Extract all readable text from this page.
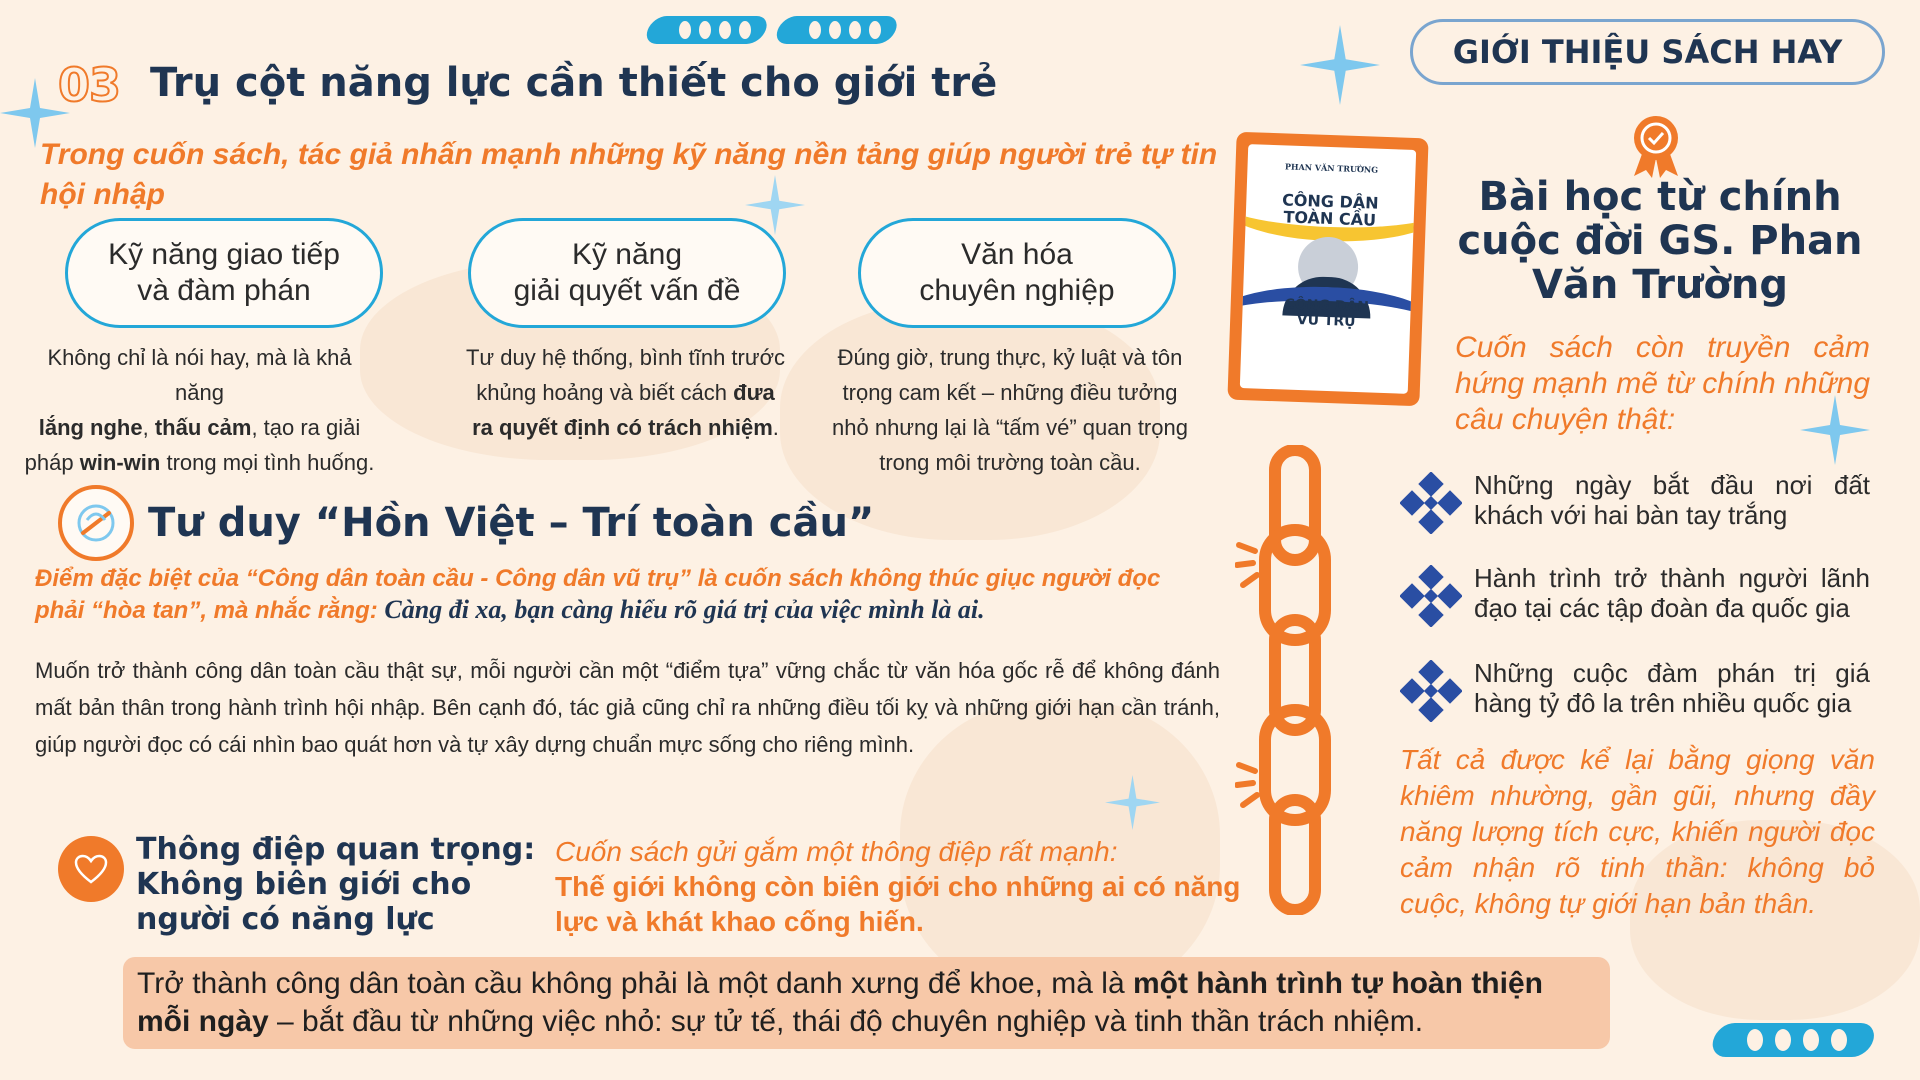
03 Trụ cột năng lực cần thiết cho giới trẻ
Trong cuốn sách, tác giả nhấn mạnh những kỹ năng nền tảng giúp người trẻ tự tin hội nhập
Kỹ năng giao tiếp
và đàm phán
Kỹ năng
giải quyết vấn đề
Văn hóa
chuyên nghiệp
Không chỉ là nói hay, mà là khả năng
lắng nghe, thấu cảm, tạo ra giải
pháp win-win trong mọi tình huống.
Tư duy hệ thống, bình tĩnh trước
khủng hoảng và biết cách đưa
ra quyết định có trách nhiệm.
Đúng giờ, trung thực, kỷ luật và tôn
trọng cam kết – những điều tưởng
nhỏ nhưng lại là “tấm vé” quan trọng
trong môi trường toàn cầu.
Tư duy “Hồn Việt – Trí toàn cầu”
Điểm đặc biệt của “Công dân toàn cầu - Công dân vũ trụ” là cuốn sách không thúc giục người đọc
phải “hòa tan”, mà nhắc rằng: Càng đi xa, bạn càng hiểu rõ giá trị của việc mình là ai.
Muốn trở thành công dân toàn cầu thật sự, mỗi người cần một “điểm tựa” vững chắc từ văn hóa gốc rễ để không đánh mất bản thân trong hành trình hội nhập. Bên cạnh đó, tác giả cũng chỉ ra những điều tối kỵ và những giới hạn cần tránh, giúp người đọc có cái nhìn bao quát hơn và tự xây dựng chuẩn mực sống cho riêng mình.
Thông điệp quan trọng:
Không biên giới cho
người có năng lực
Cuốn sách gửi gắm một thông điệp rất mạnh:
Thế giới không còn biên giới cho những ai có năng lực và khát khao cống hiến.
Trở thành công dân toàn cầu không phải là một danh xưng để khoe, mà là một hành trình tự hoàn thiện mỗi ngày – bắt đầu từ những việc nhỏ: sự tử tế, thái độ chuyên nghiệp và tinh thần trách nhiệm.
GIỚI THIỆU SÁCH HAY
PHAN VĂN TRƯỜNG
CÔNG DÂN
TOÀN CẦU
CÔNG DÂN
VŨ TRỤ
Bài học từ chính cuộc đời GS. Phan Văn Trường
Cuốn sách còn truyền cảm hứng mạnh mẽ từ chính những câu chuyện thật:
Những ngày bắt đầu nơi đất khách với hai bàn tay trắng
Hành trình trở thành người lãnh đạo tại các tập đoàn đa quốc gia
Những cuộc đàm phán trị giá hàng tỷ đô la trên nhiều quốc gia
Tất cả được kể lại bằng giọng văn khiêm nhường, gần gũi, nhưng đầy năng lượng tích cực, khiến người đọc cảm nhận rõ tinh thần: không bỏ cuộc, không tự giới hạn bản thân.
